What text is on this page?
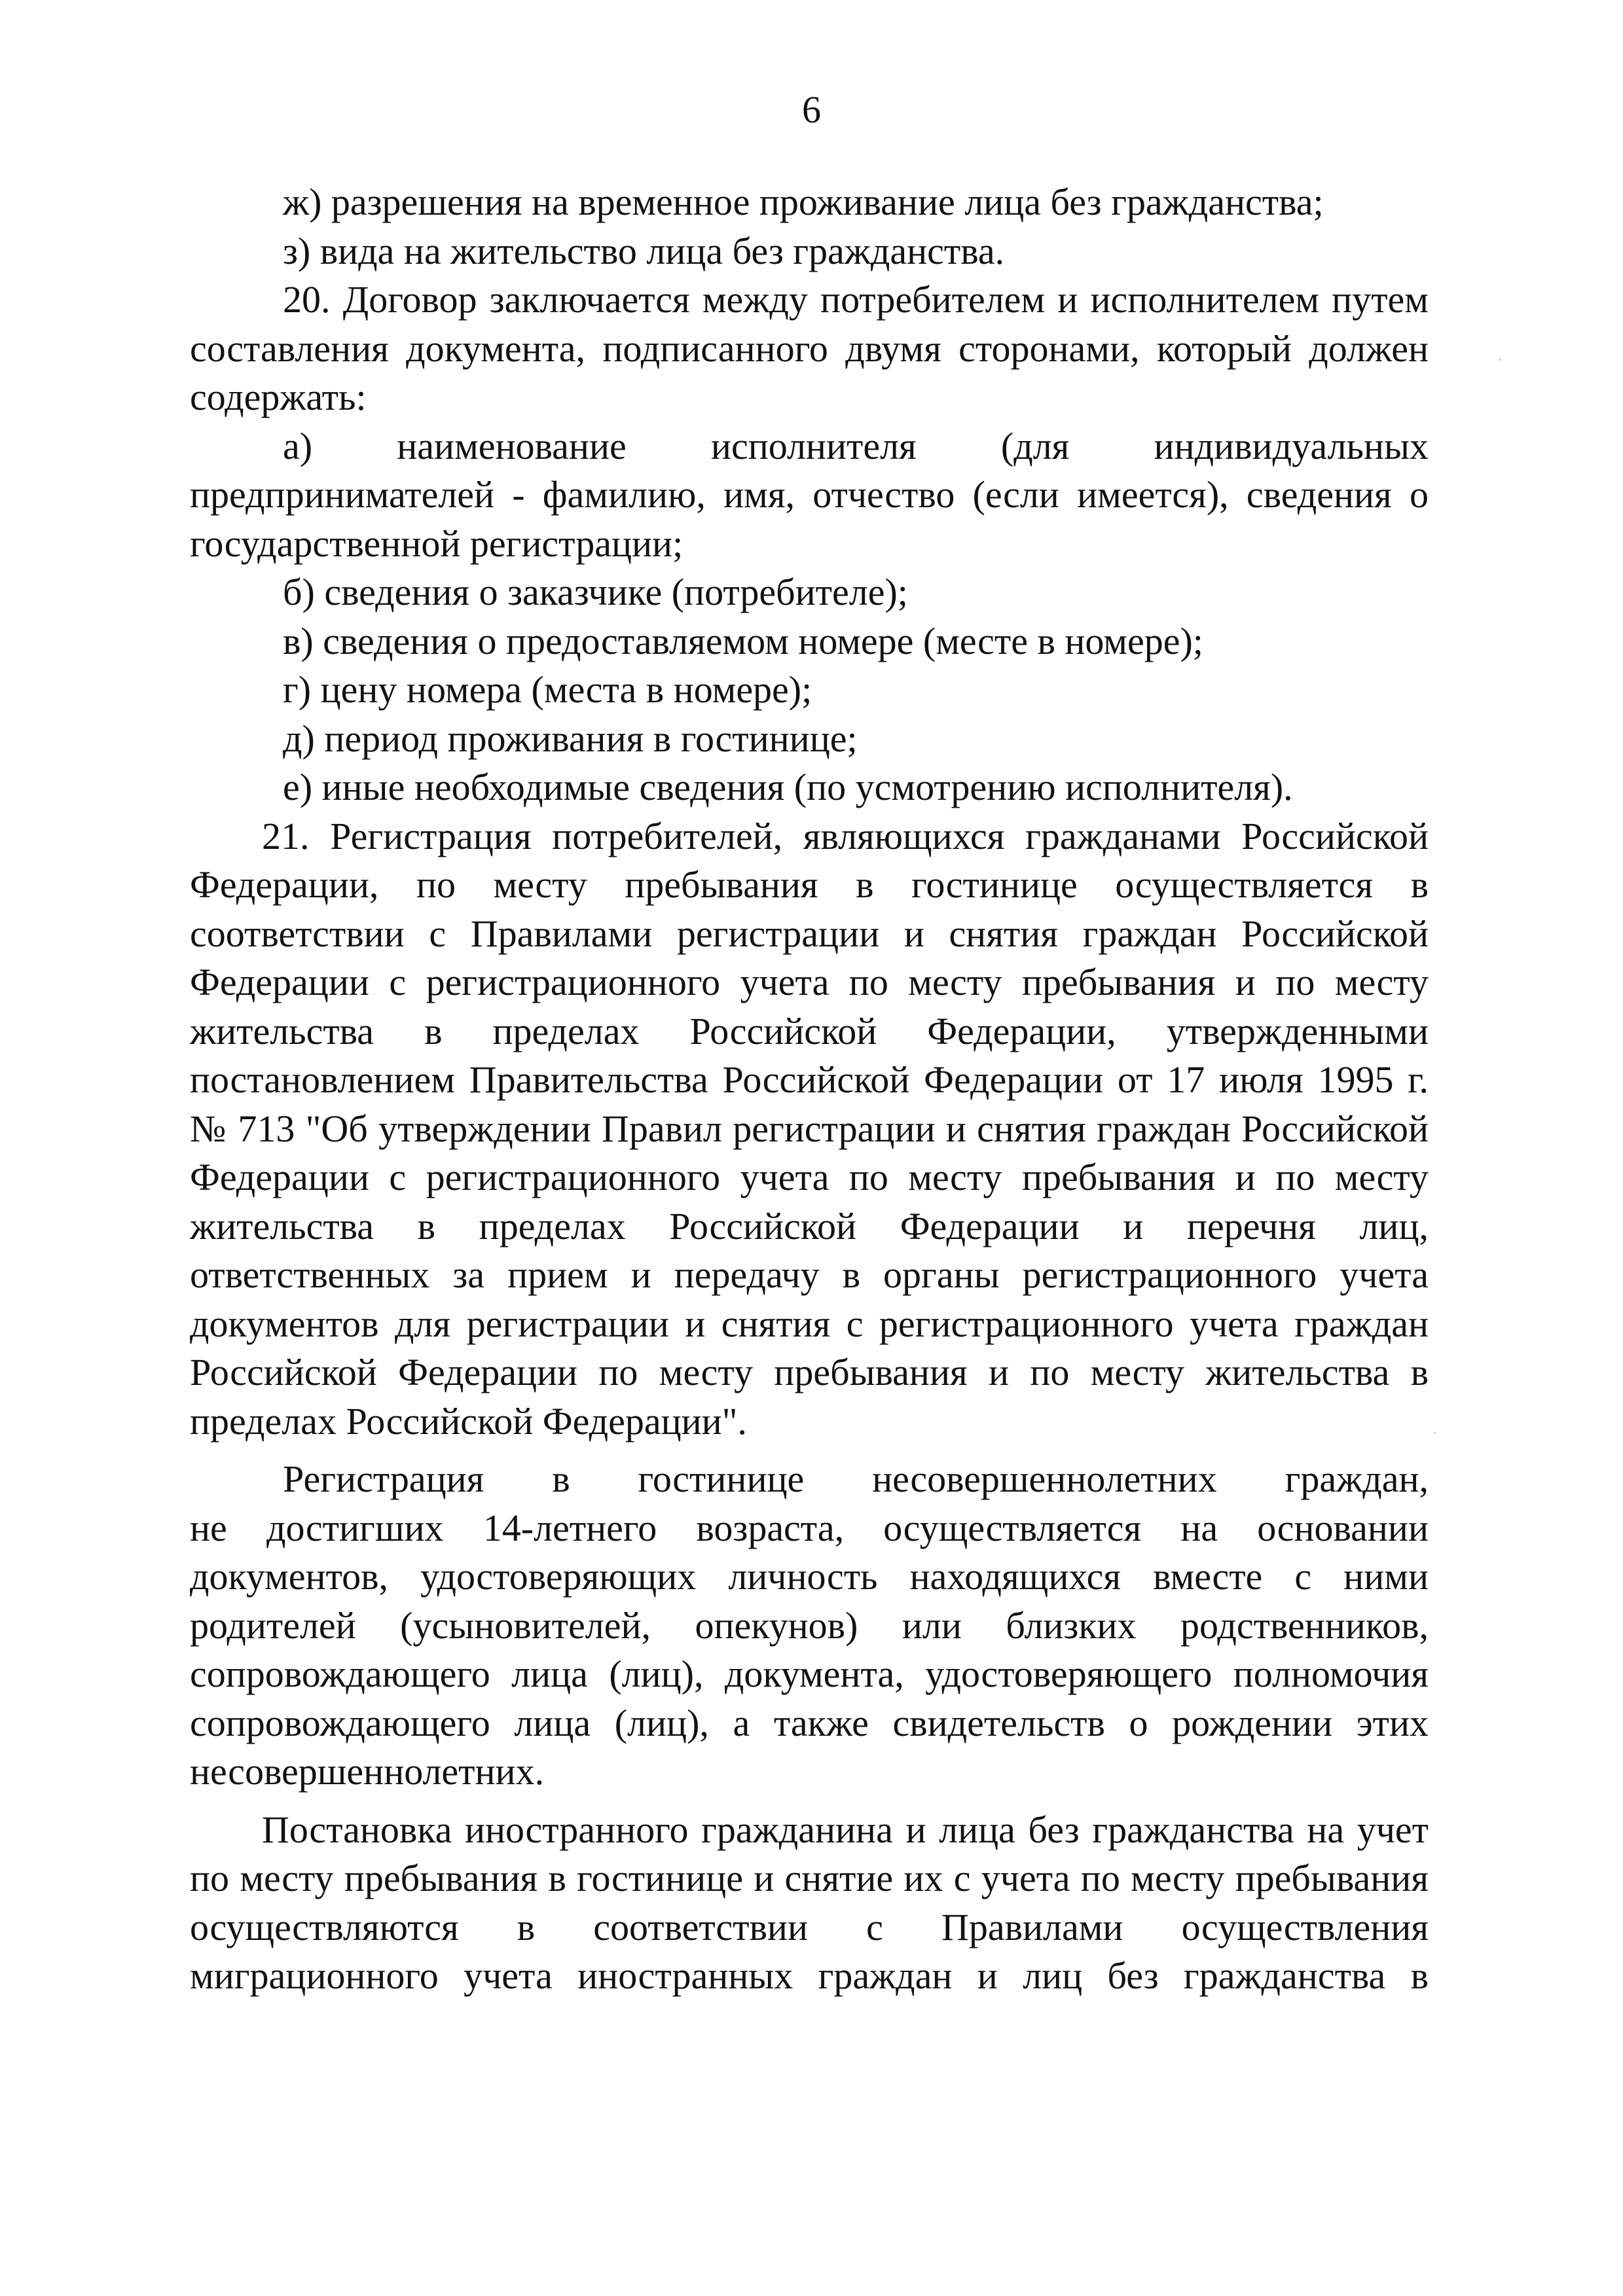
6
ж) разрешения на временное проживание лица без гражданства;
з) вида на жительство лица без гражданства.
20. Договор заключается между потребителем и исполнителем путем
составления документа, подписанного двумя сторонами, который должен
содержать:
а) наименование исполнителя (для индивидуальных
предпринимателей - фамилию, имя, отчество (если имеется), сведения о
государственной регистрации;
б) сведения о заказчике (потребителе);
в) сведения о предоставляемом номере (месте в номере);
г) цену номера (места в номере);
д) период проживания в гостинице;
е) иные необходимые сведения (по усмотрению исполнителя).
21. Регистрация потребителей, являющихся гражданами Российской
Федерации, по месту пребывания в гостинице осуществляется в
соответствии с Правилами регистрации и снятия граждан Российской
Федерации с регистрационного учета по месту пребывания и по месту
жительства в пределах Российской Федерации, утвержденными
постановлением Правительства Российской Федерации от 17 июля 1995 г.
№ 713 "Об утверждении Правил регистрации и снятия граждан Российской
Федерации с регистрационного учета по месту пребывания и по месту
жительства в пределах Российской Федерации и перечня лиц,
ответственных за прием и передачу в органы регистрационного учета
документов для регистрации и снятия с регистрационного учета граждан
Российской Федерации по месту пребывания и по месту жительства в
пределах Российской Федерации".
Регистрация в гостинице несовершеннолетних граждан,
не достигших 14-летнего возраста, осуществляется на основании
документов, удостоверяющих личность находящихся вместе с ними
родителей (усыновителей, опекунов) или близких родственников,
сопровождающего лица (лиц), документа, удостоверяющего полномочия
сопровождающего лица (лиц), а также свидетельств о рождении этих
несовершеннолетних.
Постановка иностранного гражданина и лица без гражданства на учет
по месту пребывания в гостинице и снятие их с учета по месту пребывания
осуществляются в соответствии с Правилами осуществления
миграционного учета иностранных граждан и лиц без гражданства в
